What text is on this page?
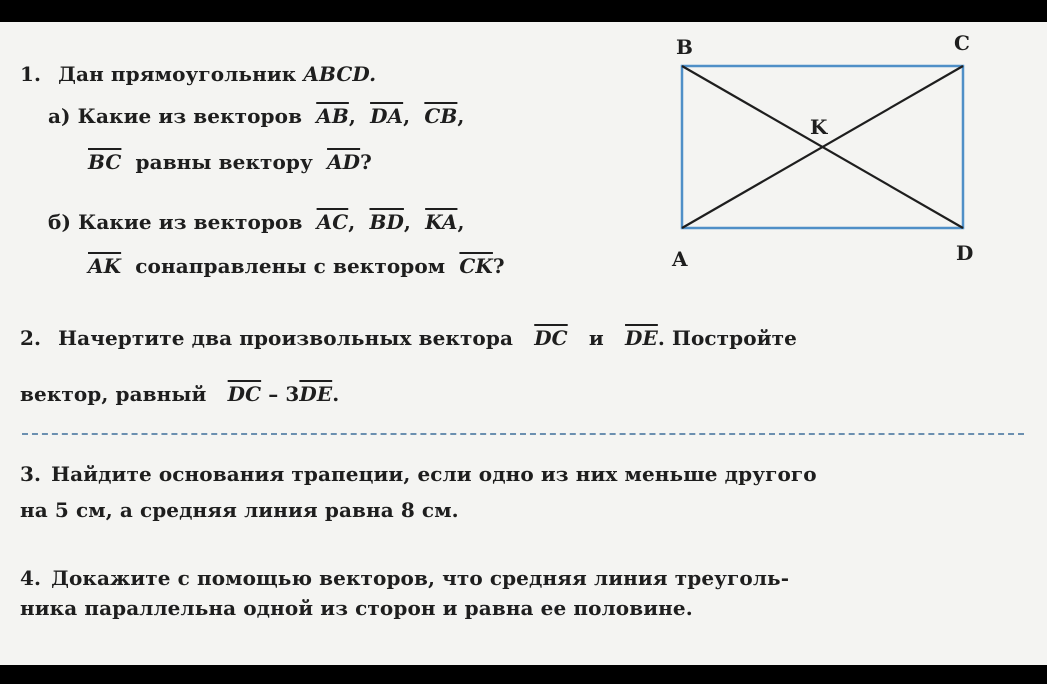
1. Дан прямоугольник ABCD.
а) Какие из векторов $\overline{AB}$, $\overline{DA}$, $\overline{CB}$,
$\overline{BC}$ равны вектору $\overline{AD}$?
б) Какие из векторов $\overline{AC}$, $\overline{BD}$, $\overline{KA}$,
$\overline{AK}$ сонаправлены с вектором $\overline{CK}$?
B	C
K
A	D
2. Начертите два произвольных вектора $\overline{DC}$ и $\overline{DE}$. Постройте
вектор, равный $\overline{DC} - 3\overline{DE}$.
3. Найдите основания трапеции, если одно из них меньше другого
на 5 см, а средняя линия равна 8 см.
4. Докажите с помощью векторов, что средняя линия треуголь-
ника параллельна одной из сторон и равна ее половине.
